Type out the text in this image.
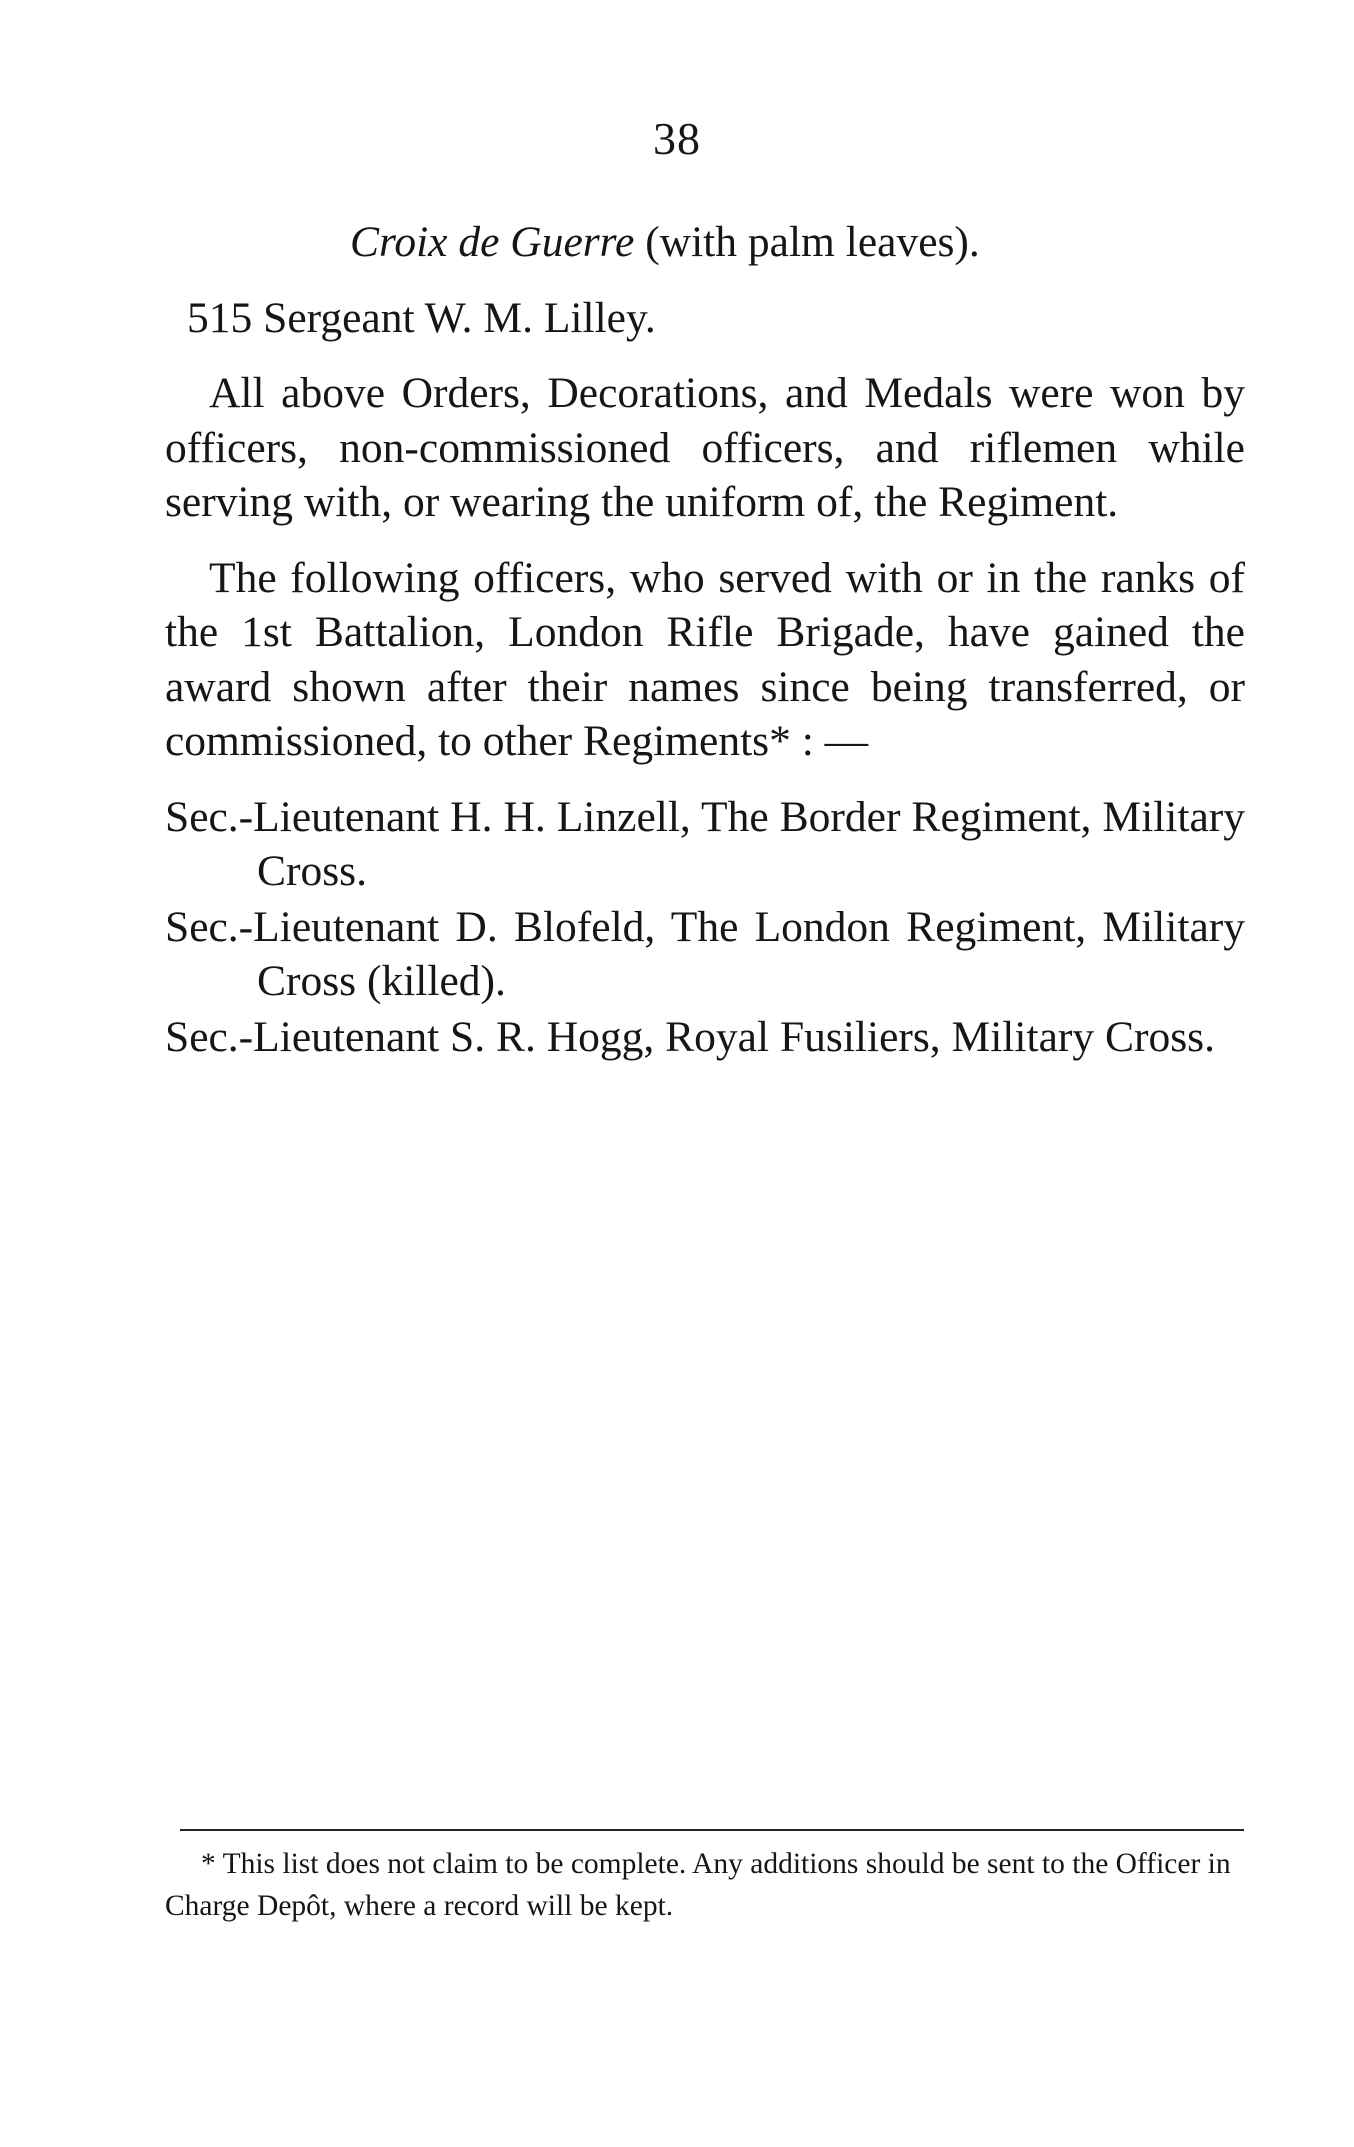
38

Croix de Guerre (with palm leaves).

515 Sergeant W. M. Lilley.

All above Orders, Decorations, and Medals were won by officers, non-commissioned officers, and riflemen while serving with, or wearing the uniform of, the Regiment.

The following officers, who served with or in the ranks of the 1st Battalion, London Rifle Brigade, have gained the award shown after their names since being transferred, or commissioned, to other Regiments* : —

Sec.-Lieutenant H. H. Linzell, The Border Regiment, Military Cross.

Sec.-Lieutenant D. Blofeld, The London Regiment, Military Cross (killed).

Sec.-Lieutenant S. R. Hogg, Royal Fusiliers, Military Cross.

* This list does not claim to be complete. Any additions should be sent to the Officer in Charge Depôt, where a record will be kept.
